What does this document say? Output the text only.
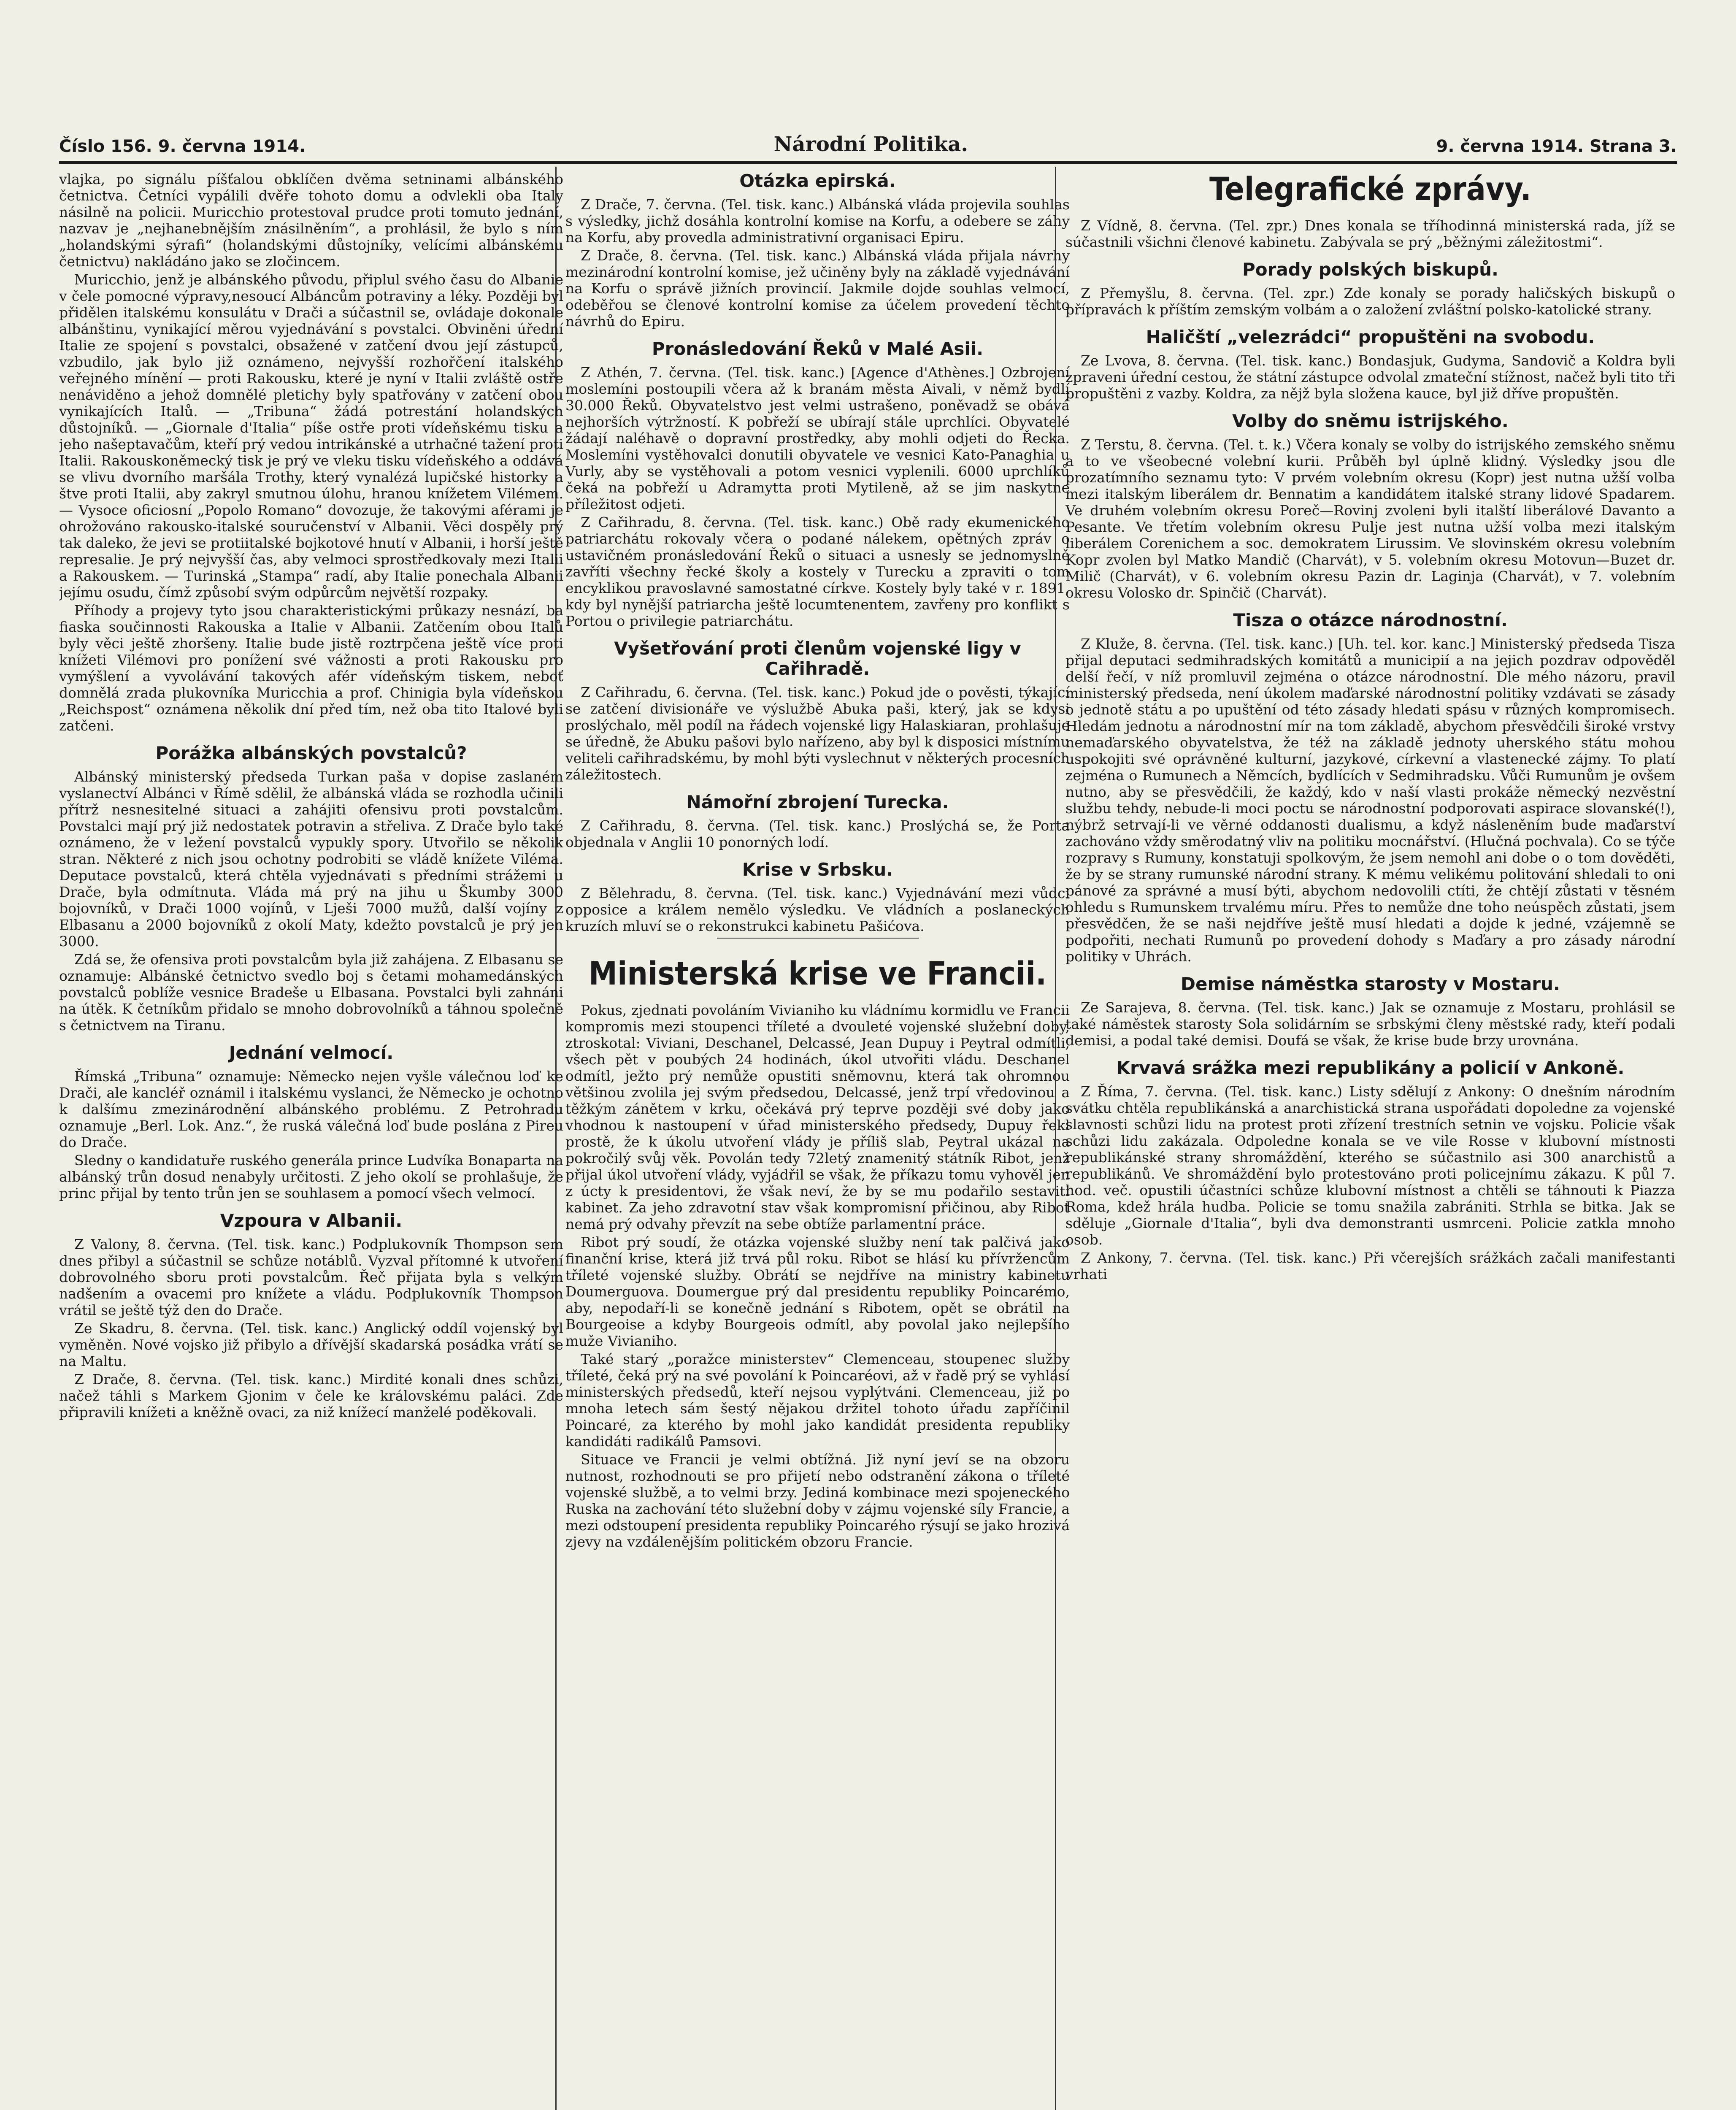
Číslo 156. 9. června 1914.	Národní Politika.	9. června 1914. Strana 3.

vlajka, po signálu píšťalou obklíčen dvěma setninami albánského četnictva. Četníci vypálili dvěře tohoto domu a odvlekli oba Italy násilně na policii. Muricchio protestoval prudce proti tomuto jednání, nazvav je „nejhanebnějším znásilněním“, a prohlásil, že bylo s ním „holandskými sýrafi“ (holandskými důstojníky, velícími albánskému četnictvu) nakládáno jako se zločincem.

Muricchio, jenž je albánského původu, připlul svého času do Albanie v čele pomocné výpravy,nesoucí Albáncům potraviny a léky. Později byl přidělen italskému konsulátu v Drači a súčastnil se, ovládaje dokonale albánštinu, vynikající měrou vyjednávání s povstalci. Obviněni úřední Italie ze spojení s povstalci, obsažené v zatčení dvou její zástupců, vzbudilo, jak bylo již oznámeno, nejvyšší rozhořčení italského veřejného mínění — proti Rakousku, které je nyní v Italii zvláště ostře nenáviděno a jehož domnělé pletichy byly spatřovány v zatčení obou vynikajících Italů. — „Tribuna“ žádá potrestání holandských důstojníků. — „Giornale d'Italia“ píše ostře proti vídeňskému tisku a jeho našeptavačům, kteří prý vedou intrikánské a utrhačné tažení proti Italii. Rakouskoněmecký tisk je prý ve vleku tisku vídeňského a oddává se vlivu dvorního maršála Trothy, který vynalézá lupičské historky a štve proti Italii, aby zakryl smutnou úlohu, hranou knížetem Vilémem. — Vysoce oficiosní „Popolo Romano“ dovozuje, že takovými aférami je ohrožováno rakousko-italské souručenství v Albanii. Věci dospěly prý tak daleko, že jevi se protiitalské bojkotové hnutí v Albanii, i horší ještě represalie. Je prý nejvyšší čas, aby velmoci sprostředkovaly mezi Italii a Rakouskem. — Turinská „Stampa“ radí, aby Italie ponechala Albanii jejímu osudu, čímž způsobí svým odpůrcům největší rozpaky.

Příhody a projevy tyto jsou charakteristickými průkazy nesnází, ba fiaska součinnosti Rakouska a Italie v Albanii. Zatčením obou Italů byly věci ještě zhoršeny. Italie bude jistě roztrpčena ještě více proti knížeti Vilémovi pro ponížení své vážnosti a proti Rakousku pro vymýšlení a vyvolávání takových afér vídeňským tiskem, neboť domnělá zrada plukovníka Muricchia a prof. Chinigia byla vídeňskou „Reichspost“ oznámena několik dní před tím, než oba tito Italové byli zatčeni.

Porážka albánských povstalců?

Albánský ministerský předseda Turkan paša v dopise zaslaném vyslanectví Albánci v Římě sdělil, že albánská vláda se rozhodla učinili přítrž nesnesitelné situaci a zahájiti ofensivu proti povstalcům. Povstalci mají prý již nedostatek potravin a střeliva. Z Drače bylo také oznámeno, že v ležení povstalců vypukly spory. Utvořilo se několik stran. Některé z nich jsou ochotny podrobiti se vládě knížete Viléma. Deputace povstalců, která chtěla vyjednávati s předními strážemi u Drače, byla odmítnuta. Vláda má prý na jihu u Škumby 3000 bojovníků, v Drači 1000 vojínů, v Lješi 7000 mužů, další vojíny z Elbasanu a 2000 bojovníků z okolí Maty, kdežto povstalců je prý jen 3000.

Zdá se, že ofensiva proti povstalcům byla již zahájena. Z Elbasanu se oznamuje: Albánské četnictvo svedlo boj s četami mohamedánských povstalců poblíže vesnice Bradeše u Elbasana. Povstalci byli zahnáni na útěk. K četníkům přidalo se mnoho dobrovolníků a táhnou společně s četnictvem na Tiranu.

Jednání velmocí.

Římská „Tribuna“ oznamuje: Německo nejen vyšle válečnou loď ke Drači, ale kancléř oznámil i italskému vyslanci, že Německo je ochotno k dalšímu zmezinárodnění albánského problému. Z Petrohradu oznamuje „Berl. Lok. Anz.“, že ruská válečná loď bude poslána z Pireu do Drače.

Sledny o kandidatuře ruského generála prince Ludvíka Bonaparta na albánský trůn dosud nenabyly určitosti. Z jeho okolí se prohlašuje, že princ přijal by tento trůn jen se souhlasem a pomocí všech velmocí.

Vzpoura v Albanii.

Z Valony, 8. června. (Tel. tisk. kanc.) Podplukovník Thompson sem dnes přibyl a súčastnil se schůze notáblů. Vyzval přítomné k utvoření dobrovolného sboru proti povstalcům. Řeč přijata byla s velkým nadšením a ovacemi pro knížete a vládu. Podplukovník Thompson vrátil se ještě týž den do Drače.

Ze Skadru, 8. června. (Tel. tisk. kanc.) Anglický oddíl vojenský byl vyměněn. Nové vojsko již přibylo a dřívější skadarská posádka vrátí se na Maltu.

Z Drače, 8. června. (Tel. tisk. kanc.) Mirdité konali dnes schůzi, načež táhli s Markem Gjonim v čele ke královskému paláci. Zde připravili knížeti a kněžně ovaci, za niž knížecí manželé poděkovali.

Otázka epirská.

Z Drače, 7. června. (Tel. tisk. kanc.) Albánská vláda projevila souhlas s výsledky, jichž dosáhla kontrolní komise na Korfu, a odebere se záhy na Korfu, aby provedla administrativní organisaci Epiru.

Z Drače, 8. června. (Tel. tisk. kanc.) Albánská vláda přijala návrhy mezinárodní kontrolní komise, jež učiněny byly na základě vyjednávání na Korfu o správě jižních provincií. Jakmile dojde souhlas velmocí, odeběřou se členové kontrolní komise za účelem provedení těchto návrhů do Epiru.

Pronásledování Řeků v Malé Asii.

Z Athén, 7. června. (Tel. tisk. kanc.) [Agence d'Athènes.] Ozbrojení moslemíni postoupili včera až k branám města Aivali, v němž bydlí 30.000 Řeků. Obyvatelstvo jest velmi ustrašeno, poněvadž se obává nejhorších výtržností. K pobřeží se ubírají stále uprchlíci. Obyvatelé žádají naléhavě o dopravní prostředky, aby mohli odjeti do Řecka. Moslemíni vystěhovalci donutili obyvatele ve vesnici Kato-Panaghia u Vurly, aby se vystěhovali a potom vesnici vyplenili. 6000 uprchlíků čeká na pobřeží u Adramytta proti Mytileně, až se jim naskytne příležitost odjeti.

Z Cařihradu, 8. června. (Tel. tisk. kanc.) Obě rady ekumenického patriarchátu rokovaly včera o podané nálekem, opětných zpráv o ustavičném pronásledování Řeků o situaci a usnesly se jednomyslně zavříti všechny řecké školy a kostely v Turecku a zpraviti o tom encyklikou pravoslavné samostatné církve. Kostely byly také v r. 1891, kdy byl nynější patriarcha ještě locumtenentem, zavřeny pro konflikt s Portou o privilegie patriarchátu.

Vyšetřování proti členům vojenské ligy v Cařihradě.

Z Cařihradu, 6. června. (Tel. tisk. kanc.) Pokud jde o pověsti, týkající se zatčení divisionáře ve výslužbě Abuka paši, který, jak se kdysi proslýchalo, měl podíl na řádech vojenské ligy Halaskiaran, prohlašuje se úředně, že Abuku pašovi bylo nařízeno, aby byl k disposici místnímu veliteli cařihradskému, by mohl býti vyslechnut v některých procesních záležitostech.

Námořní zbrojení Turecka.

Z Cařihradu, 8. června. (Tel. tisk. kanc.) Proslýchá se, že Porta objednala v Anglii 10 ponorných lodí.

Krise v Srbsku.

Z Bělehradu, 8. června. (Tel. tisk. kanc.) Vyjednávání mezi vůdci opposice a králem nemělo výsledku. Ve vládních a poslaneckých kruzích mluví se o rekonstrukci kabinetu Pašićova.

Ministerská krise ve Francii.

Pokus, zjednati povoláním Vivianiho ku vládnímu kormidlu ve Francii kompromis mezi stoupenci tříleté a dvouleté vojenské služební doby, ztroskotal: Viviani, Deschanel, Delcassé, Jean Dupuy i Peytral odmítli, všech pět v poubých 24 hodinách, úkol utvořiti vládu. Deschanel odmítl, ježto prý nemůže opustiti sněmovnu, která tak ohromnou většinou zvolila jej svým předsedou, Delcassé, jenž trpí vředovinou a těžkým zánětem v krku, očekává prý teprve později své doby jako vhodnou k nastoupení v úřad ministerského předsedy, Dupuy řekl prostě, že k úkolu utvoření vlády je příliš slab, Peytral ukázal na pokročilý svůj věk. Povolán tedy 72letý znamenitý státník Ribot, jenž přijal úkol utvoření vlády, vyjádřil se však, že příkazu tomu vyhověl jen z úcty k presidentovi, že však neví, že by se mu podařilo sestaviti kabinet. Za jeho zdravotní stav však kompromisní přičinou, aby Ribot nemá prý odvahy převzít na sebe obtíže parlamentní práce.

Ribot prý soudí, že otázka vojenské služby není tak palčivá jako finanční krise, která již trvá půl roku. Ribot se hlásí ku přívržencům tříleté vojenské služby. Obrátí se nejdříve na ministry kabinetu Doumerguova. Doumergue prý dal presidentu republiky Poincarémo, aby, nepodaří-li se konečně jednání s Ribotem, opět se obrátil na Bourgeoise a kdyby Bourgeois odmítl, aby povolal jako nejlepšího muže Vivianiho.

Také starý „poražce ministerstev“ Clemenceau, stoupenec služby tříleté, čeká prý na své povolání k Poincaréovi, až v řadě prý se vyhlásí ministerských předsedů, kteří nejsou vyplýtváni. Clemenceau, již po mnoha letech sám šestý nějakou držitel tohoto úřadu zapříčinil Poincaré, za kterého by mohl jako kandidát presidenta republiky kandidáti radikálů Pamsovi.

Situace ve Francii je velmi obtížná. Již nyní jeví se na obzoru nutnost, rozhodnouti se pro přijetí nebo odstranění zákona o tříleté vojenské službě, a to velmi brzy. Jediná kombinace mezi spojeneckého Ruska na zachování této služební doby v zájmu vojenské síly Francie, a mezi odstoupení presidenta republiky Poincarého rýsují se jako hrozivá zjevy na vzdálenějším politickém obzoru Francie.

Telegrafické zprávy.

Z Vídně, 8. června. (Tel. zpr.) Dnes konala se tříhodinná ministerská rada, jíž se súčastnili všichni členové kabinetu. Zabývala se prý „běžnými záležitostmi“.

Porady polských biskupů.

Z Přemyšlu, 8. června. (Tel. zpr.) Zde konaly se porady haličských biskupů o přípravách k příštím zemským volbám a o založení zvláštní polsko-katolické strany.

Haličští „velezrádci“ propuštěni na svobodu.

Ze Lvova, 8. června. (Tel. tisk. kanc.) Bondasjuk, Gudyma, Sandovič a Koldra byli zpraveni úřední cestou, že státní zástupce odvolal zmateční stížnost, načež byli tito tři propuštěni z vazby. Koldra, za nějž byla složena kauce, byl již dříve propuštěn.

Volby do sněmu istrijského.

Z Terstu, 8. června. (Tel. t. k.) Včera konaly se volby do istrijského zemského sněmu a to ve všeobecné volební kurii. Průběh byl úplně klidný. Výsledky jsou dle prozatímního seznamu tyto: V prvém volebním okresu (Kopr) jest nutna užší volba mezi italským liberálem dr. Bennatim a kandidátem italské strany lidové Spadarem. Ve druhém volebním okresu Poreč—Rovinj zvoleni byli italští liberálové Davanto a Pesante. Ve třetím volebním okresu Pulje jest nutna užší volba mezi italským liberálem Corenichem a soc. demokratem Lirussim. Ve slovinském okresu volebním Kopr zvolen byl Matko Mandič (Charvát), v 5. volebním okresu Motovun—Buzet dr. Milič (Charvát), v 6. volebním okresu Pazin dr. Laginja (Charvát), v 7. volebním okresu Volosko dr. Spinčič (Charvát).

Tisza o otázce národnostní.

Z Kluže, 8. června. (Tel. tisk. kanc.) [Uh. tel. kor. kanc.] Ministerský předseda Tisza přijal deputaci sedmihradských komitátů a municipií a na jejich pozdrav odpověděl delší řečí, v níž promluvil zejména o otázce národnostní. Dle mého názoru, pravil ministerský předseda, není úkolem maďarské národnostní politiky vzdávati se zásady o jednotě státu a po upuštění od této zásady hledati spásu v různých kompromisech. Hledám jednotu a národnostní mír na tom základě, abychom přesvědčili široké vrstvy nemaďarského obyvatelstva, že též na základě jednoty uherského státu mohou uspokojiti své oprávněné kulturní, jazykové, církevní a vlastenecké zájmy. To platí zejména o Rumunech a Němcích, bydlících v Sedmihradsku. Vůči Rumunům je ovšem nutno, aby se přesvědčili, že každý, kdo v naší vlasti prokáže německý nezvěstní službu tehdy, nebude-li moci poctu se národnostní podporovati aspirace slovanské(!), nýbrž setrvají-li ve věrné oddanosti dualismu, a když násleněním bude maďarství zachováno vždy směrodatný vliv na politiku mocnářství. (Hlučná pochvala). Co se týče rozpravy s Rumuny, konstatuji spolkovým, že jsem nemohl ani dobe o o tom dověděti, že by se strany rumunské národní strany. K mému velikému politování shledali to oni pánové za správné a musí býti, abychom nedovolili ctíti, že chtějí zůstati v těsném ohledu s Rumunskem trvalému míru. Přes to nemůže dne toho neúspěch zůstati, jsem přesvědčen, že se naši nejdříve ještě musí hledati a dojde k jedné, vzájemně se podpořiti, nechati Rumunů po provedení dohody s Maďary a pro zásady národní politiky v Uhrách.

Demise náměstka starosty v Mostaru.

Ze Sarajeva, 8. června. (Tel. tisk. kanc.) Jak se oznamuje z Mostaru, prohlásil se také náměstek starosty Sola solidárním se srbskými členy městské rady, kteří podali demisi, a podal také demisi. Doufá se však, že krise bude brzy urovnána.

Krvavá srážka mezi republikány a policií v Ankoně.

Z Říma, 7. června. (Tel. tisk. kanc.) Listy sdělují z Ankony: O dnešním národním svátku chtěla republikánská a anarchistická strana uspořádati dopoledne za vojenské slavnosti schůzi lidu na protest proti zřízení trestních setnin ve vojsku. Policie však schůzi lidu zakázala. Odpoledne konala se ve vile Rosse v klubovní místnosti republikánské strany shromáždění, kterého se súčastnilo asi 300 anarchistů a republikánů. Ve shromáždění bylo protestováno proti policejnímu zákazu. K půl 7. hod. več. opustili účastníci schůze klubovní místnost a chtěli se táhnouti k Piazza Roma, kdež hrála hudba. Policie se tomu snažila zabrániti. Strhla se bitka. Jak se sděluje „Giornale d'Italia“, byli dva demonstranti usmrceni. Policie zatkla mnoho osob.

Z Ankony, 7. června. (Tel. tisk. kanc.) Při včerejších srážkách začali manifestanti vrhati
